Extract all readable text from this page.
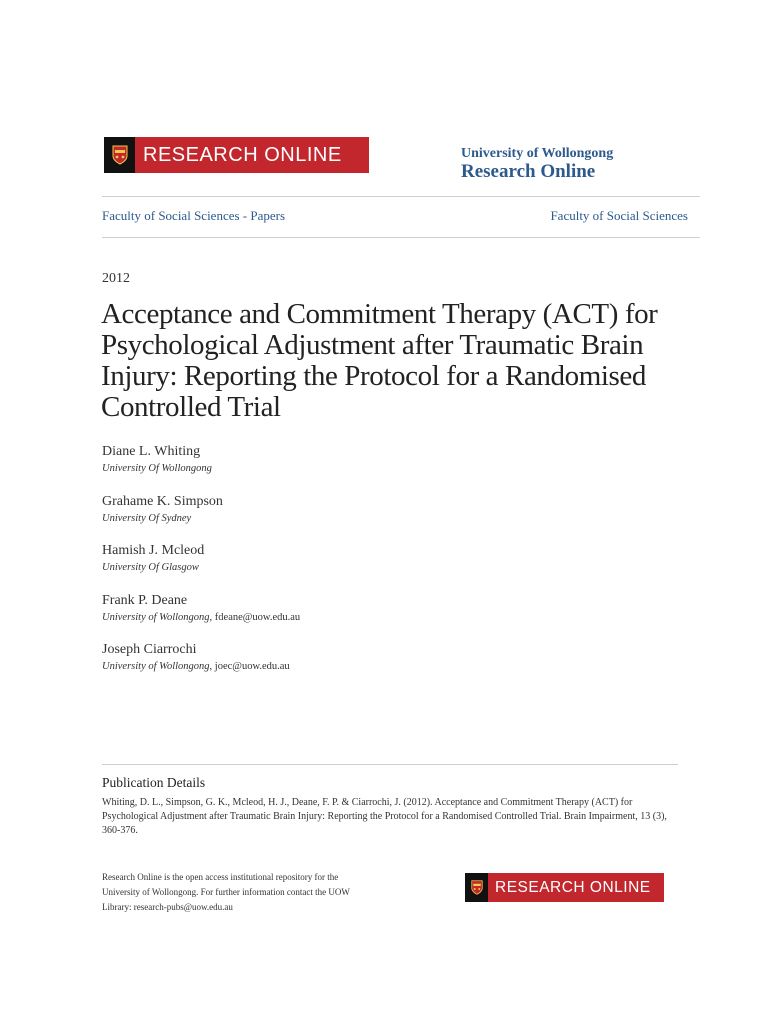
RESEARCH ONLINE	University of Wollongong
Research Online
Faculty of Social Sciences - Papers	Faculty of Social Sciences
2012
Acceptance and Commitment Therapy (ACT) for Psychological Adjustment after Traumatic Brain Injury: Reporting the Protocol for a Randomised Controlled Trial
Diane L. Whiting
University Of Wollongong
Grahame K. Simpson
University Of Sydney
Hamish J. Mcleod
University Of Glasgow
Frank P. Deane
University of Wollongong, fdeane@uow.edu.au
Joseph Ciarrochi
University of Wollongong, joec@uow.edu.au
Publication Details
Whiting, D. L., Simpson, G. K., Mcleod, H. J., Deane, F. P. & Ciarrochi, J. (2012). Acceptance and Commitment Therapy (ACT) for Psychological Adjustment after Traumatic Brain Injury: Reporting the Protocol for a Randomised Controlled Trial. Brain Impairment, 13 (3), 360-376.
Research Online is the open access institutional repository for the University of Wollongong. For further information contact the UOW Library: research-pubs@uow.edu.au
RESEARCH ONLINE
